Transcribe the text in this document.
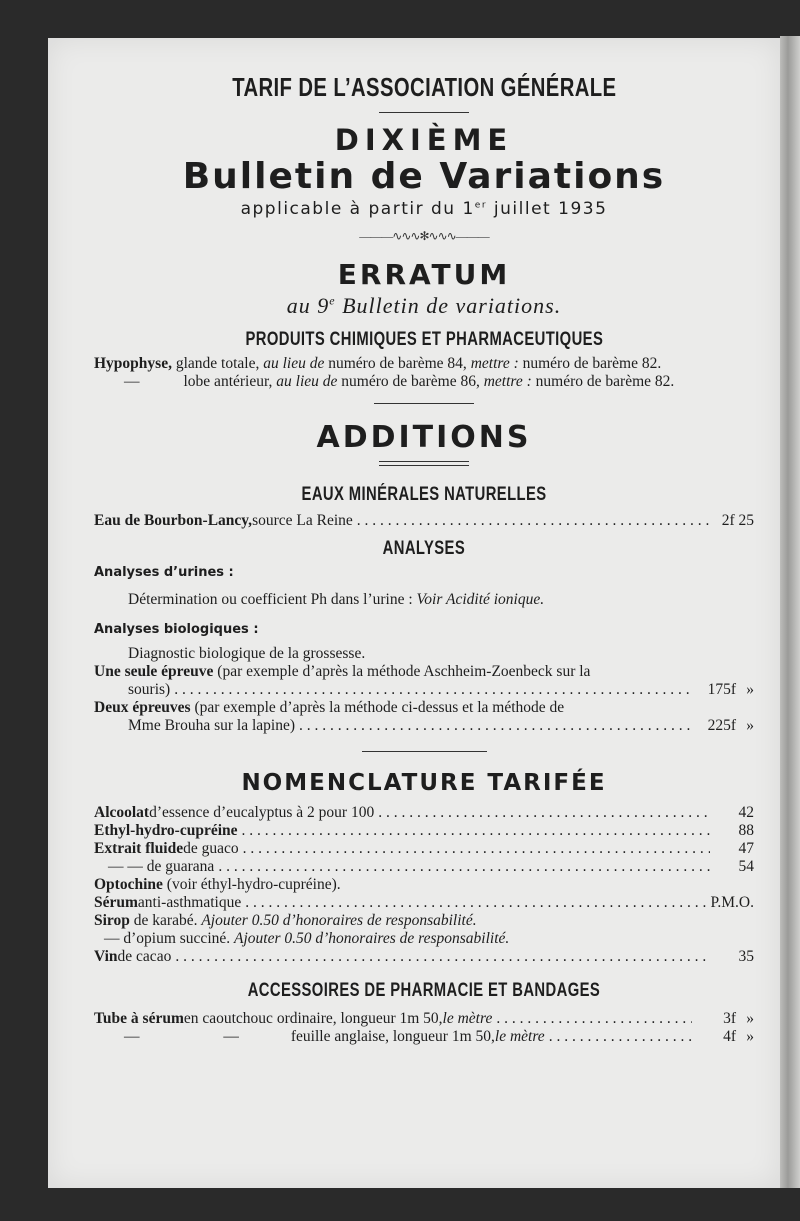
TARIF DE L’ASSOCIATION GÉNÉRALE
DIXIÈME
Bulletin de Variations
applicable à partir du 1er juillet 1935
———∿∿∿✻∿∿∿———
ERRATUM
au 9e Bulletin de variations.
PRODUITS CHIMIQUES ET PHARMACEUTIQUES
Hypophyse, glande totale, au lieu de numéro de barème 84, mettre : numéro de barème 82.
—	lobe antérieur, au lieu de numéro de barème 86, mettre : numéro de barème 82.
ADDITIONS
EAUX MINÉRALES NATURELLES
Eau de Bourbon-Lancy, source La Reine . . .	2f 25
ANALYSES
Analyses d’urines :
Détermination ou coefficient Ph dans l’urine : Voir Acidité ionique.
Analyses biologiques :
Diagnostic biologique de la grossesse.
Une seule épreuve (par exemple d’après la méthode Aschheim-Zoenbeck sur la
souris) . . .	175f »
Deux épreuves (par exemple d’après la méthode ci-dessus et la méthode de
Mme Brouha sur la lapine) . . .	225f »
NOMENCLATURE TARIFÉE
Alcoolat d’essence d’eucalyptus à 2 pour 100 . . .	42
Ethyl-hydro-cupréine . . .	88
Extrait fluide de guaco . . .	47
— — de guarana . . .	54
Optochine (voir éthyl-hydro-cupréine).
Sérum anti-asthmatique . . .	P.M.O.
Sirop de karabé. Ajouter 0.50 d’honoraires de responsabilité.
— d’opium succiné. Ajouter 0.50 d’honoraires de responsabilité.
Vin de cacao . . .	35
ACCESSOIRES DE PHARMACIE ET BANDAGES
Tube à sérum en caoutchouc ordinaire, longueur 1m 50, le mètre . . .	3f »
— —	feuille anglaise, longueur 1m 50, le mètre . . .	4f »
